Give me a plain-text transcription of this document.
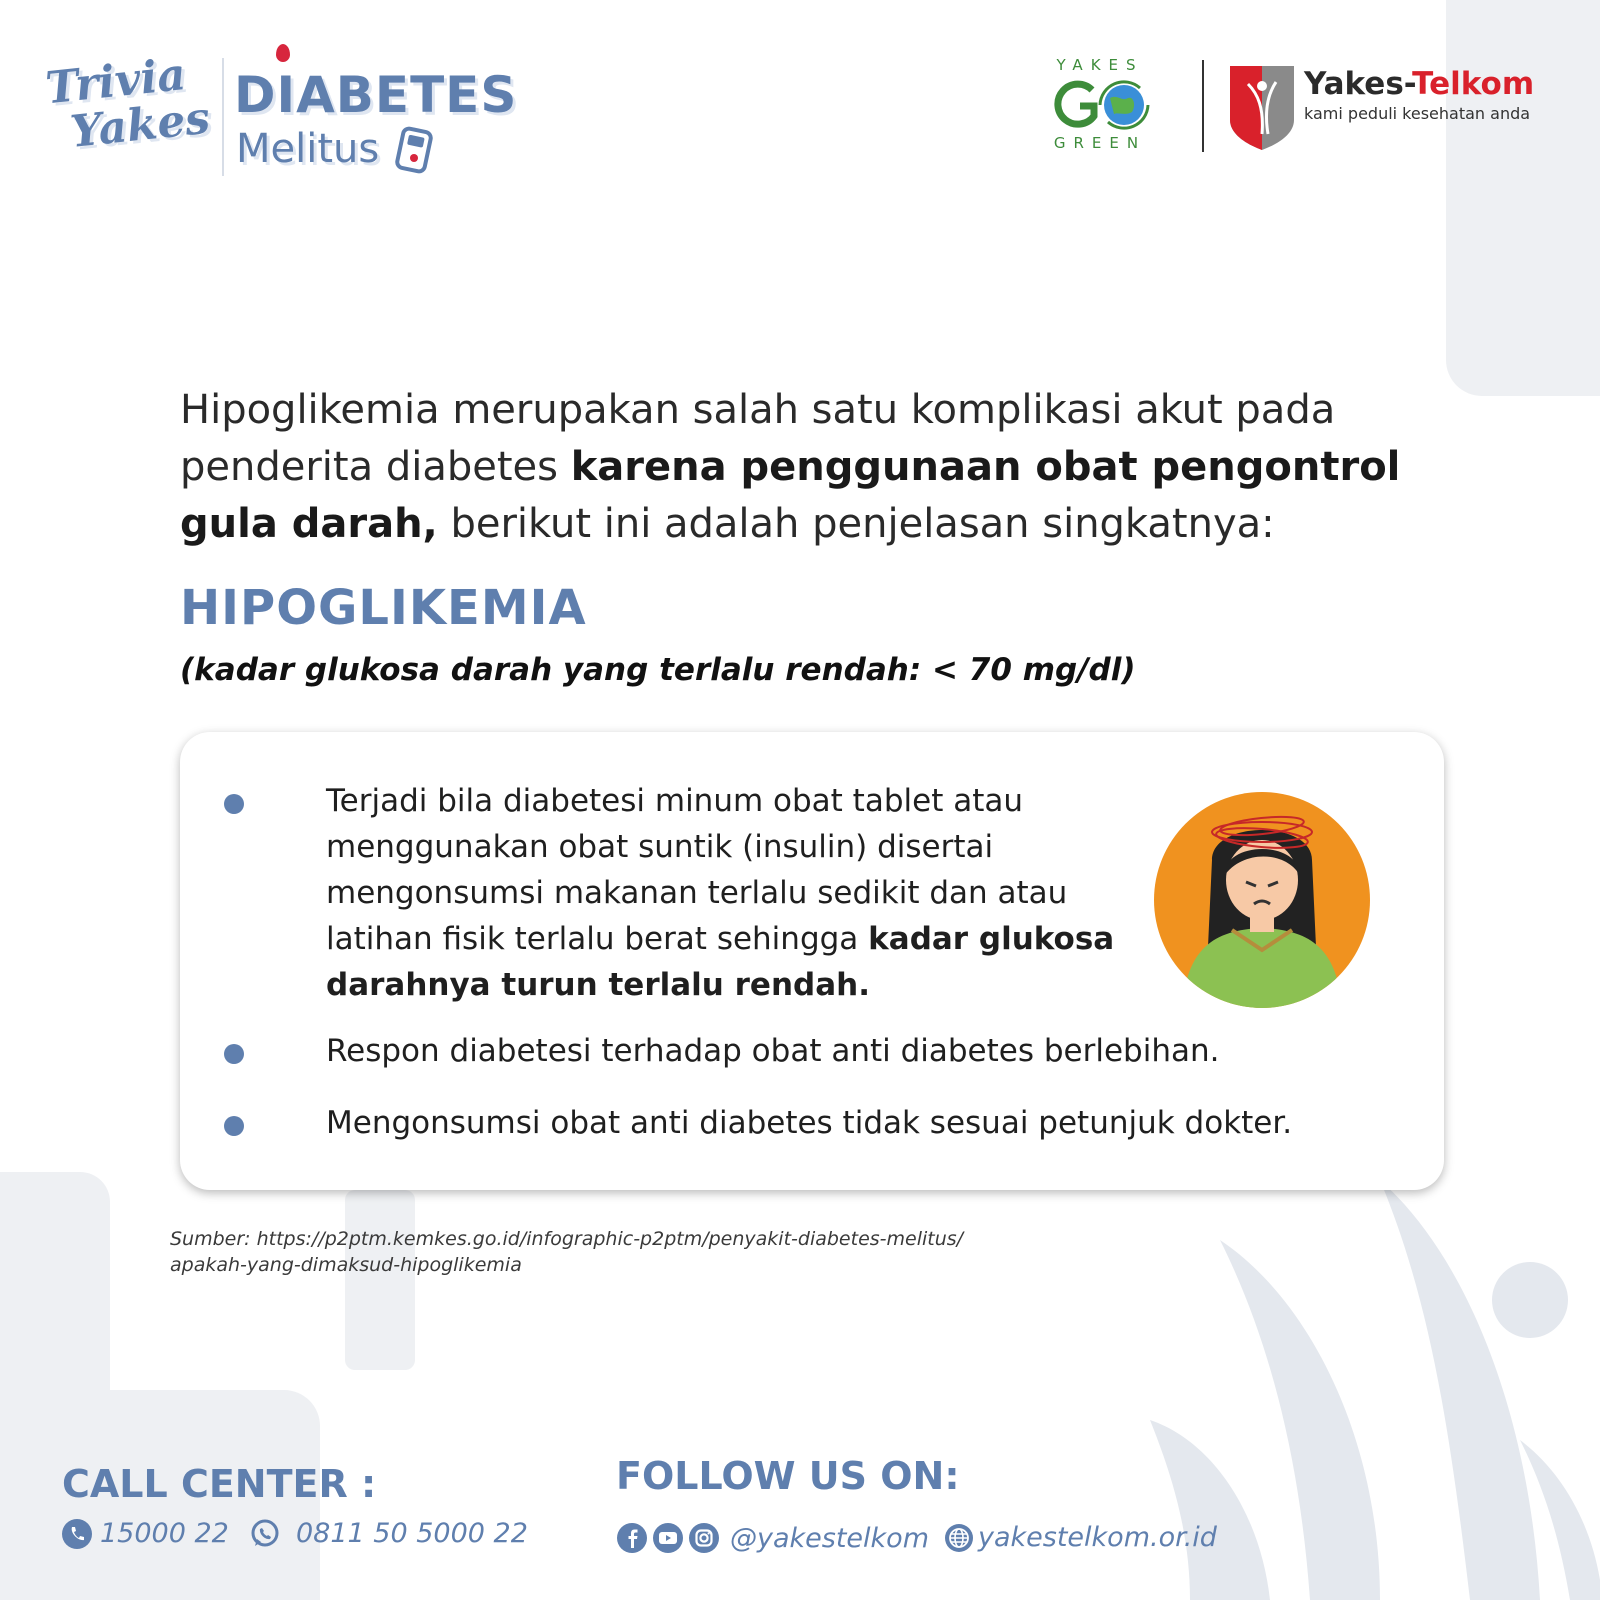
Trivia
Yakes DIABETES
Melitus
YAKES
GREEN
Yakes-Telkom
kami peduli kesehatan anda

Hipoglikemia merupakan salah satu komplikasi akut pada penderita diabetes karena penggunaan obat pengontrol gula darah, berikut ini adalah penjelasan singkatnya:

HIPOGLIKEMIA
(kadar glukosa darah yang terlalu rendah: < 70 mg/dl)

Terjadi bila diabetesi minum obat tablet atau menggunakan obat suntik (insulin) disertai mengonsumsi makanan terlalu sedikit dan atau latihan fisik terlalu berat sehingga kadar glukosa darahnya turun terlalu rendah.

Respon diabetesi terhadap obat anti diabetes berlebihan.

Mengonsumsi obat anti diabetes tidak sesuai petunjuk dokter.

Sumber: https://p2ptm.kemkes.go.id/infographic-p2ptm/penyakit-diabetes-melitus/
apakah-yang-dimaksud-hipoglikemia
CALL CENTER :
15000 22 0811 50 5000 22
FOLLOW US ON:
@yakestelkom yakestelkom.or.id
